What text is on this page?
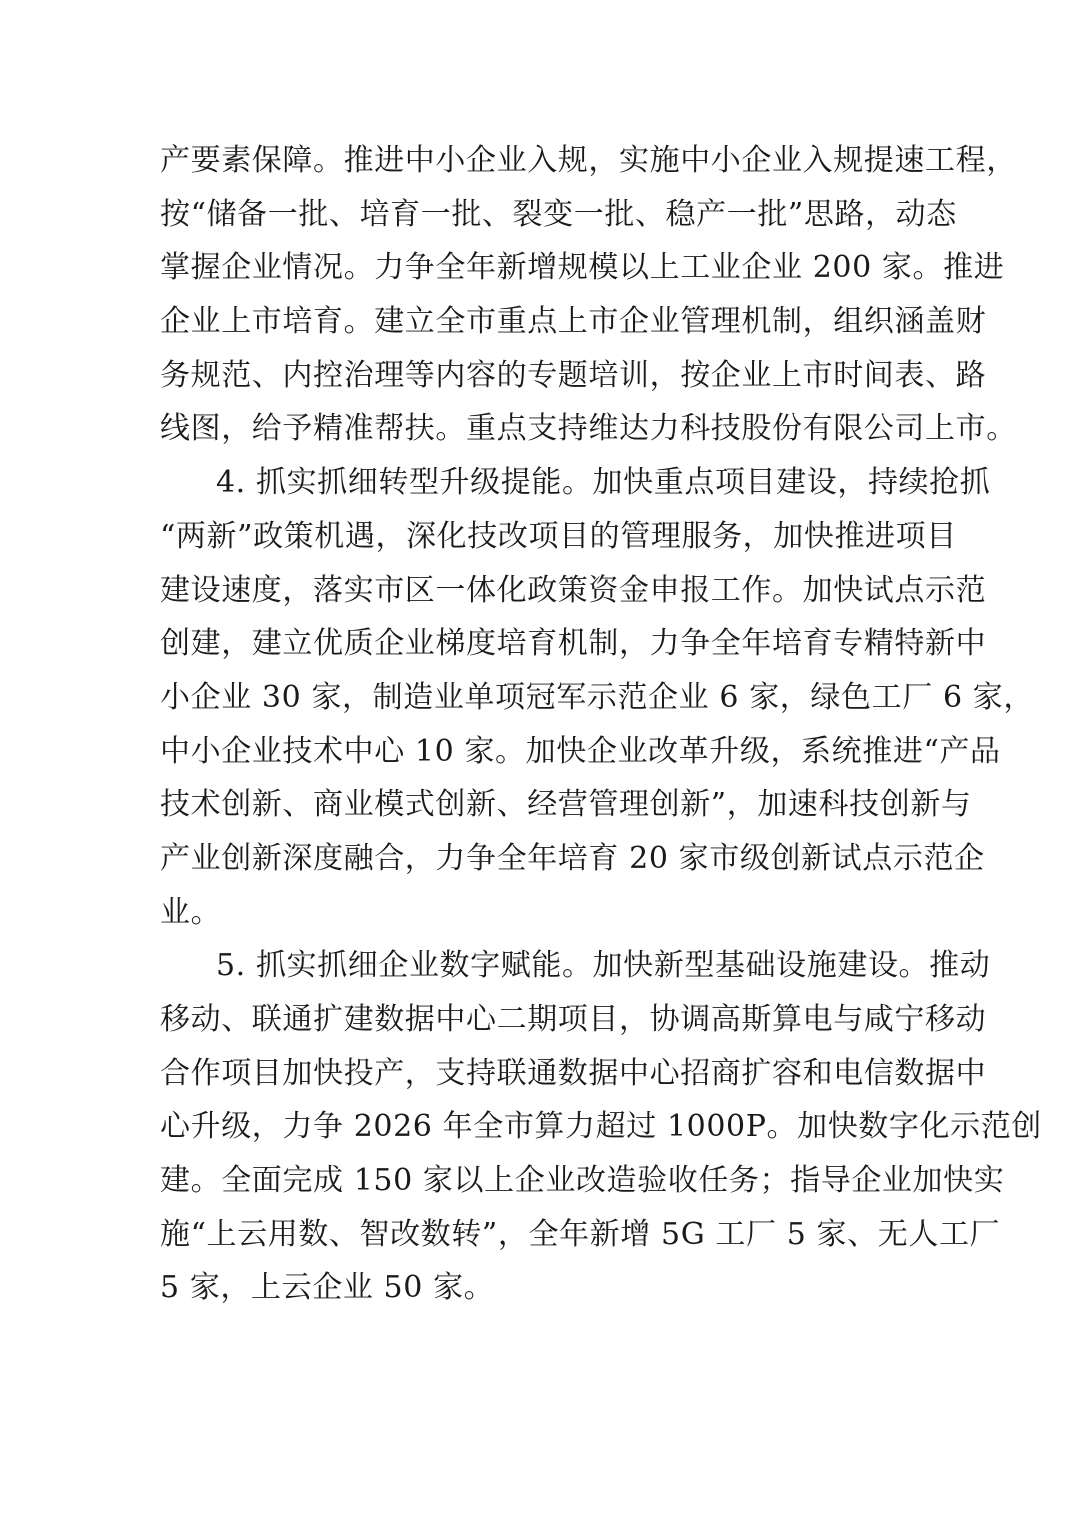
产要素保障。推进中小企业入规，实施中小企业入规提速工程，
按“储备一批、培育一批、裂变一批、稳产一批”思路，动态
掌握企业情况。力争全年新增规模以上工业企业 200 家。推进
企业上市培育。建立全市重点上市企业管理机制，组织涵盖财
务规范、内控治理等内容的专题培训，按企业上市时间表、路
线图，给予精准帮扶。重点支持维达力科技股份有限公司上市。
4. 抓实抓细转型升级提能。加快重点项目建设，持续抢抓
“两新”政策机遇，深化技改项目的管理服务，加快推进项目
建设速度，落实市区一体化政策资金申报工作。加快试点示范
创建，建立优质企业梯度培育机制，力争全年培育专精特新中
小企业 30 家，制造业单项冠军示范企业 6 家，绿色工厂 6 家，
中小企业技术中心 10 家。加快企业改革升级，系统推进“产品
技术创新、商业模式创新、经营管理创新”，加速科技创新与
产业创新深度融合，力争全年培育 20 家市级创新试点示范企
业。
5. 抓实抓细企业数字赋能。加快新型基础设施建设。推动
移动、联通扩建数据中心二期项目，协调高斯算电与咸宁移动
合作项目加快投产，支持联通数据中心招商扩容和电信数据中
心升级，力争 2026 年全市算力超过 1000P。加快数字化示范创
建。全面完成 150 家以上企业改造验收任务；指导企业加快实
施“上云用数、智改数转”，全年新增 5G 工厂 5 家、无人工厂
5 家，上云企业 50 家。
